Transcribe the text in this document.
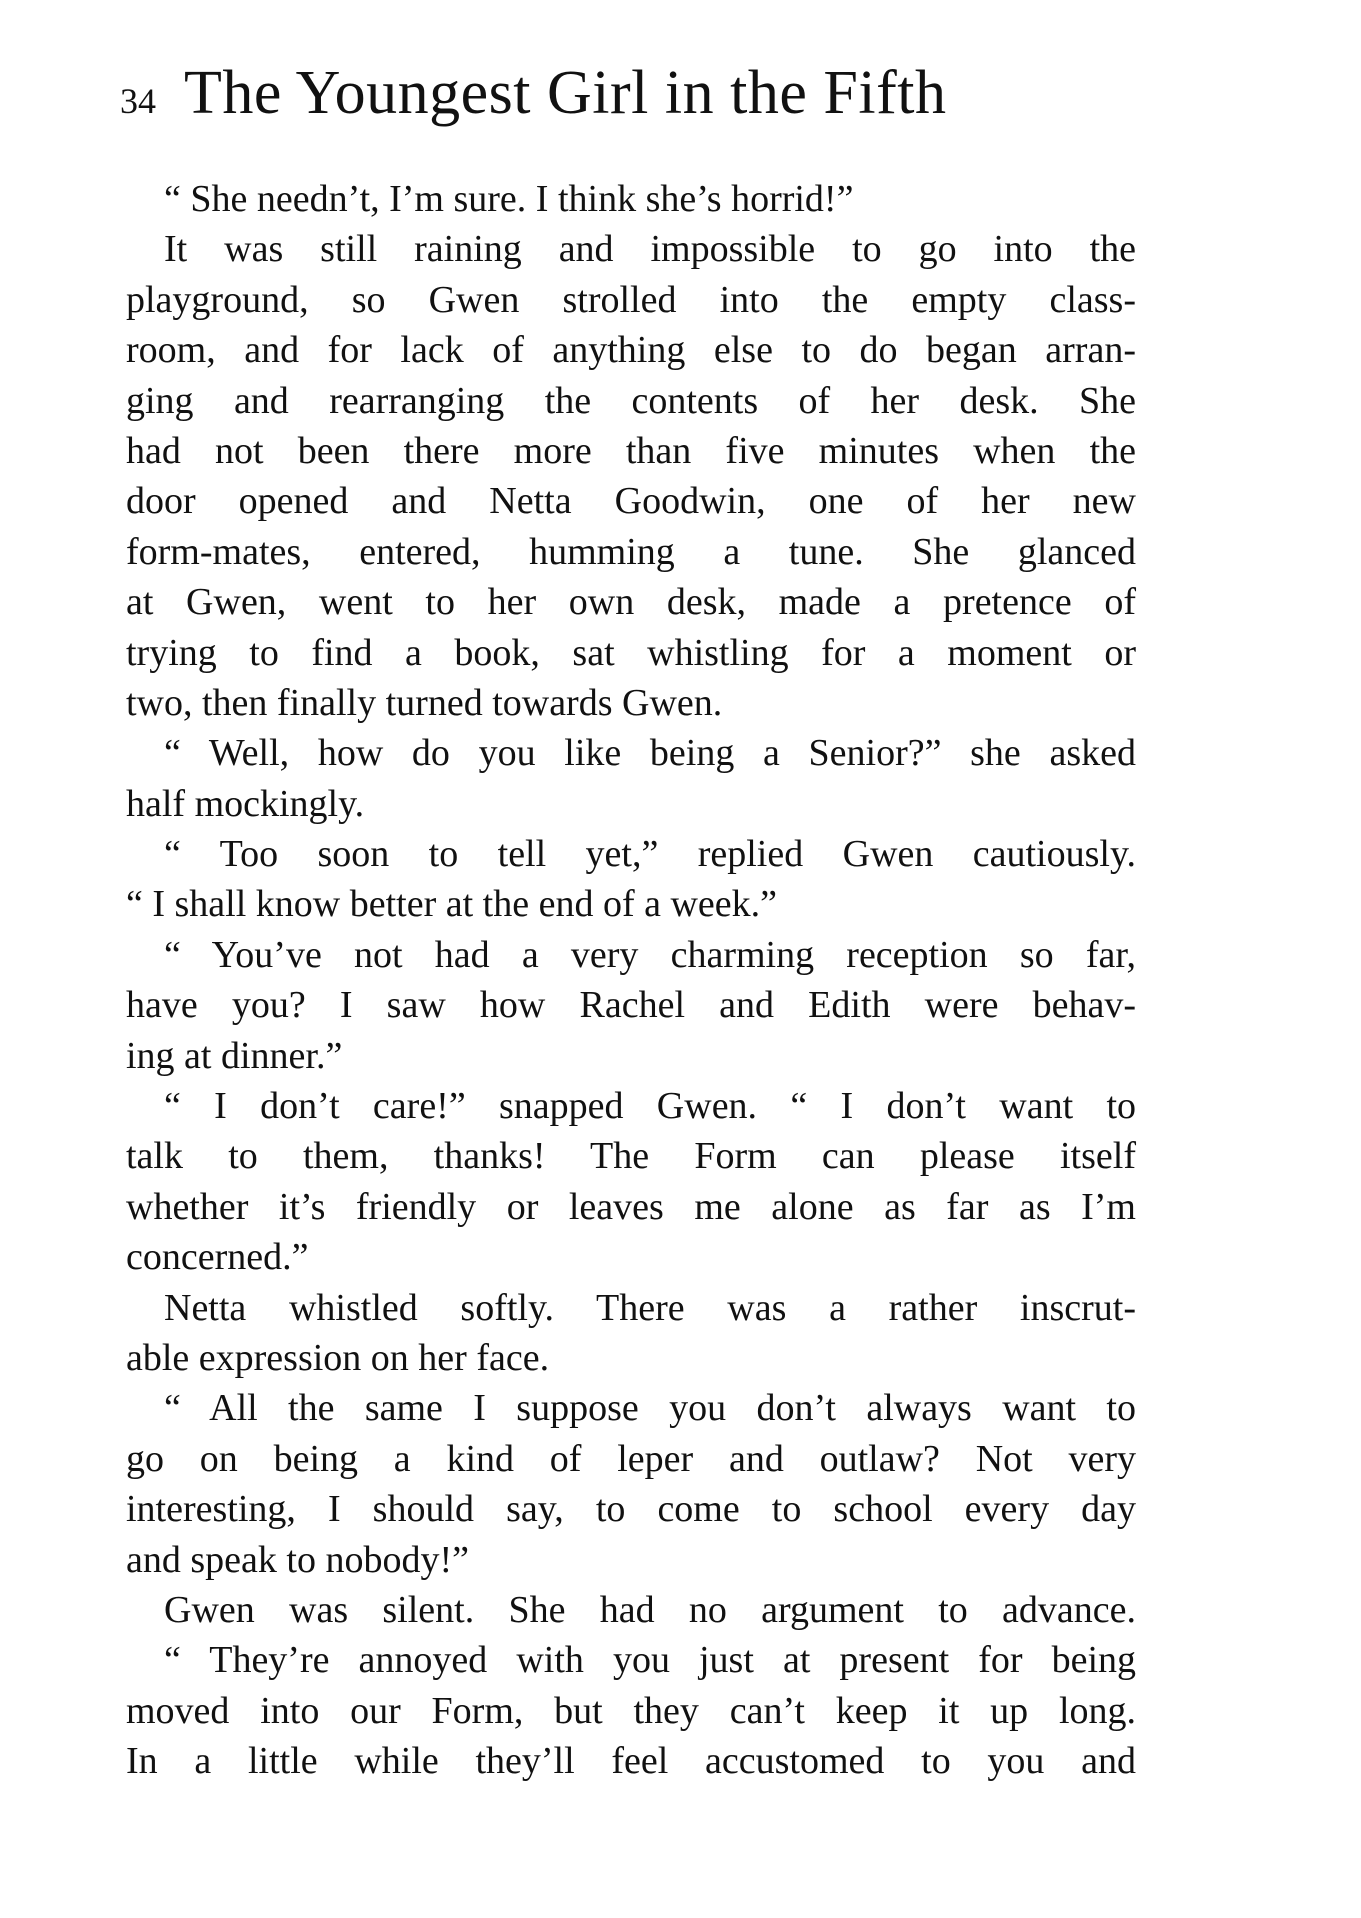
34 The Youngest Girl in the Fifth
“ She needn’t, I’m sure. I think she’s horrid!”
It was still raining and impossible to go into the
playground, so Gwen strolled into the empty class-
room, and for lack of anything else to do began arran-
ging and rearranging the contents of her desk. She
had not been there more than five minutes when the
door opened and Netta Goodwin, one of her new
form-mates, entered, humming a tune. She glanced
at Gwen, went to her own desk, made a pretence of
trying to find a book, sat whistling for a moment or
two, then finally turned towards Gwen.
“ Well, how do you like being a Senior?” she asked
half mockingly.
“ Too soon to tell yet,” replied Gwen cautiously.
“ I shall know better at the end of a week.”
“ You’ve not had a very charming reception so far,
have you? I saw how Rachel and Edith were behav-
ing at dinner.”
“ I don’t care!” snapped Gwen. “ I don’t want to
talk to them, thanks! The Form can please itself
whether it’s friendly or leaves me alone as far as I’m
concerned.”
Netta whistled softly. There was a rather inscrut-
able expression on her face.
“ All the same I suppose you don’t always want to
go on being a kind of leper and outlaw? Not very
interesting, I should say, to come to school every day
and speak to nobody!”
Gwen was silent. She had no argument to advance.
“ They’re annoyed with you just at present for being
moved into our Form, but they can’t keep it up long.
In a little while they’ll feel accustomed to you and
